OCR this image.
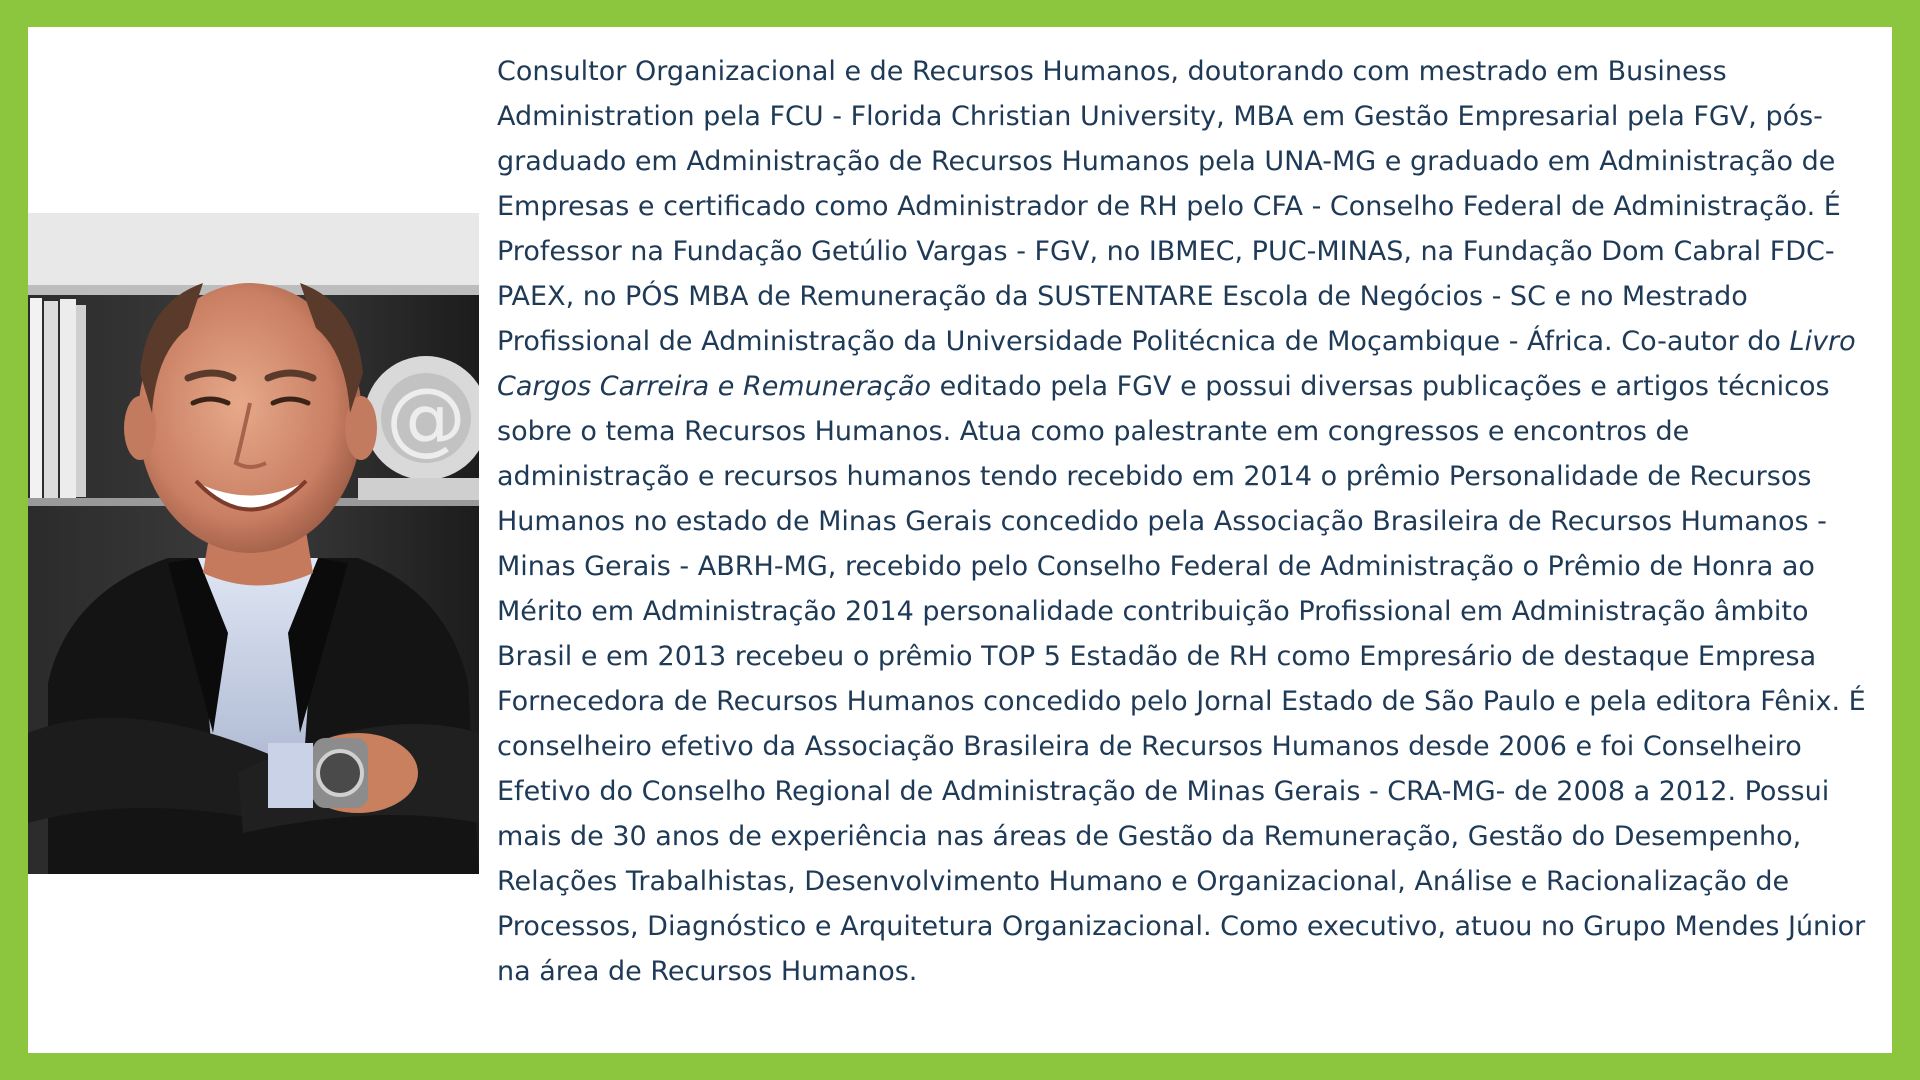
@

Consultor Organizacional e de Recursos Humanos, doutorando com mestrado em Business Administration pela FCU - Florida Christian University, MBA em Gestão Empresarial pela FGV, pós-graduado em Administração de Recursos Humanos pela UNA-MG e graduado em Administração de Empresas e certificado como Administrador de RH pelo CFA - Conselho Federal de Administração. É Professor na Fundação Getúlio Vargas - FGV, no IBMEC, PUC-MINAS, na Fundação Dom Cabral FDC-PAEX, no PÓS MBA de Remuneração da SUSTENTARE Escola de Negócios - SC e no Mestrado Profissional de Administração da Universidade Politécnica de Moçambique - África. Co-autor do Livro Cargos Carreira e Remuneração editado pela FGV e possui diversas publicações e artigos técnicos sobre o tema Recursos Humanos. Atua como palestrante em congressos e encontros de administração e recursos humanos tendo recebido em 2014 o prêmio Personalidade de Recursos Humanos no estado de Minas Gerais concedido pela Associação Brasileira de Recursos Humanos - Minas Gerais - ABRH-MG, recebido pelo Conselho Federal de Administração o Prêmio de Honra ao Mérito em Administração 2014 personalidade contribuição Profissional em Administração âmbito Brasil e em 2013 recebeu o prêmio TOP 5 Estadão de RH como Empresário de destaque Empresa Fornecedora de Recursos Humanos concedido pelo Jornal Estado de São Paulo e pela editora Fênix. É conselheiro efetivo da Associação Brasileira de Recursos Humanos desde 2006 e foi Conselheiro Efetivo do Conselho Regional de Administração de Minas Gerais - CRA-MG- de 2008 a 2012. Possui mais de 30 anos de experiência nas áreas de Gestão da Remuneração, Gestão do Desempenho, Relações Trabalhistas, Desenvolvimento Humano e Organizacional, Análise e Racionalização de Processos, Diagnóstico e Arquitetura Organizacional. Como executivo, atuou no Grupo Mendes Júnior na área de Recursos Humanos.
